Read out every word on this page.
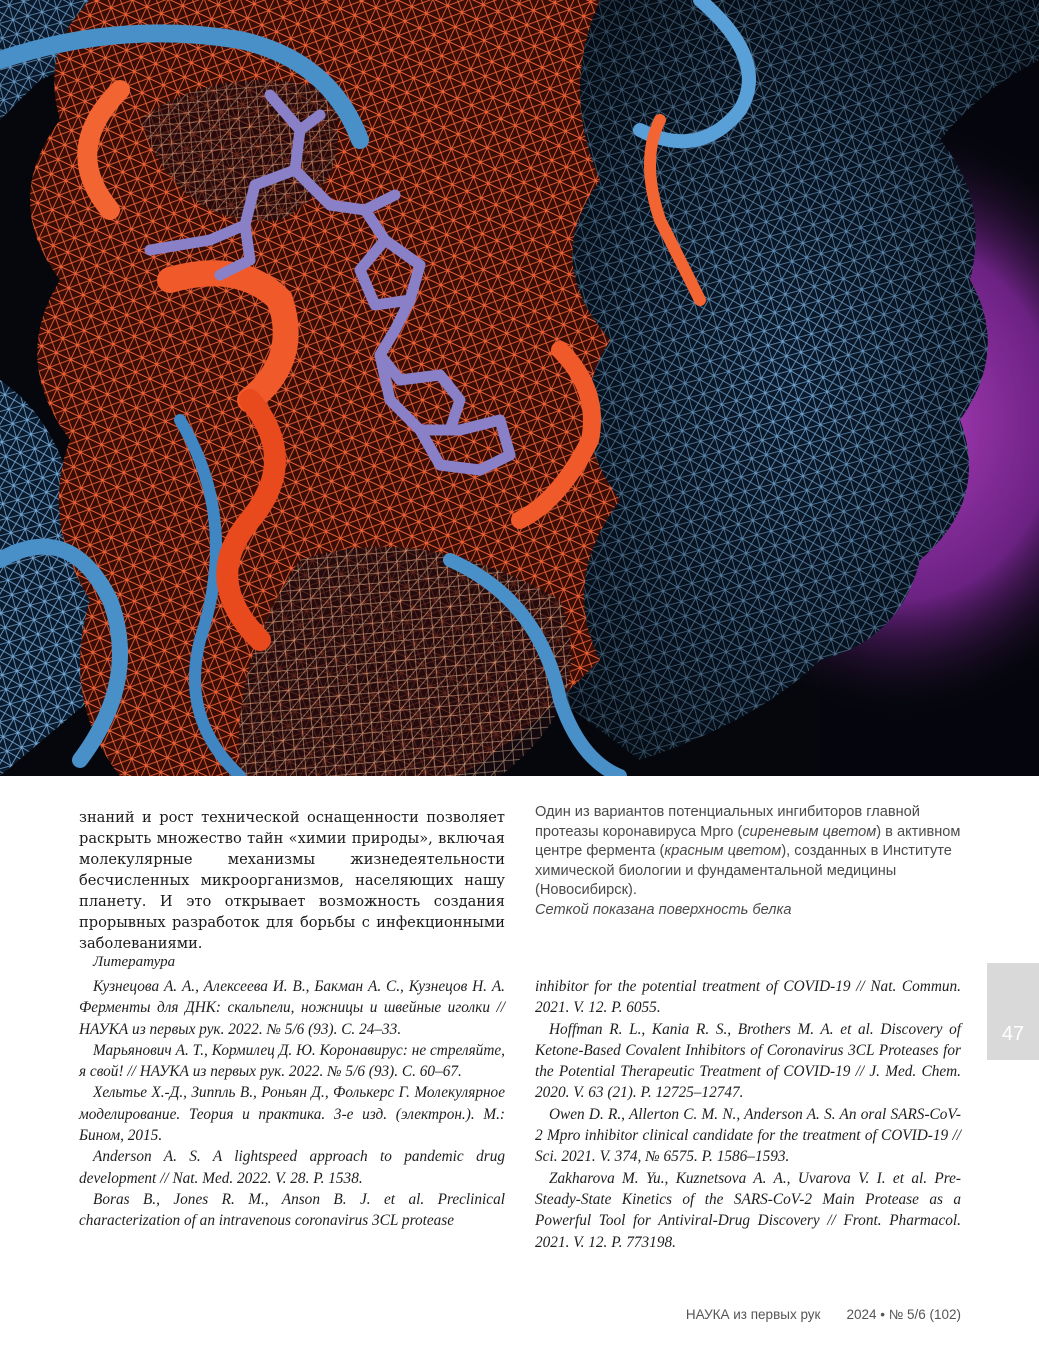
знаний и рост технической оснащенности позволяет раскрыть множество тайн «химии природы», включая молекулярные механизмы жизнедеятельности бесчисленных микроорганизмов, населяющих нашу планету. И это открывает возможность создания прорывных разработок для борьбы с инфекционными заболеваниями.

Один из вариантов потенциальных ингибиторов главной протеазы коронавируса Mpro (сиреневым цветом) в активном центре фермента (красным цветом), созданных в Институте химической биологии и фундаментальной медицины (Новосибирск).
Сеткой показана поверхность белка
Литература

Кузнецова А. А., Алексеева И. В., Бакман А. С., Кузнецов Н. А. Ферменты для ДНК: скальпели, ножницы и швейные иголки // НАУКА из первых рук. 2022. № 5/6 (93). С. 24–33.

Марьянович А. Т., Кормилец Д. Ю. Коронавирус: не стреляйте, я свой! // НАУКА из первых рук. 2022. № 5/6 (93). С. 60–67.

Хельтье Х.-Д., Зиппль В., Роньян Д., Фолькерс Г. Молекулярное моделирование. Теория и практика. 3-е изд. (электрон.). М.: Бином, 2015.

Anderson A. S. A lightspeed approach to pandemic drug development // Nat. Med. 2022. V. 28. P. 1538.

Boras B., Jones R. M., Anson B. J. et al. Preclinical characterization of an intravenous coronavirus 3CL protease

inhibitor for the potential treatment of COVID-19 // Nat. Commun. 2021. V. 12. P. 6055.

Hoffman R. L., Kania R. S., Brothers M. A. et al. Discovery of Ketone-Based Covalent Inhibitors of Coronavirus 3CL Proteases for the Potential Therapeutic Treatment of COVID-19 // J. Med. Chem. 2020. V. 63 (21). P. 12725–12747.

Owen D. R., Allerton C. M. N., Anderson A. S. An oral SARS-CoV-2 Mpro inhibitor clinical candidate for the treatment of COVID-19 // Sci. 2021. V. 374, № 6575. P. 1586–1593.

Zakharova M. Yu., Kuznetsova A. A., Uvarova V. I. et al. Pre-Steady-State Kinetics of the SARS-CoV-2 Main Protease as a Powerful Tool for Antiviral-Drug Discovery // Front. Pharmacol. 2021. V. 12. P. 773198.

47
НАУКА из первых рук 2024 • № 5/6 (102)
